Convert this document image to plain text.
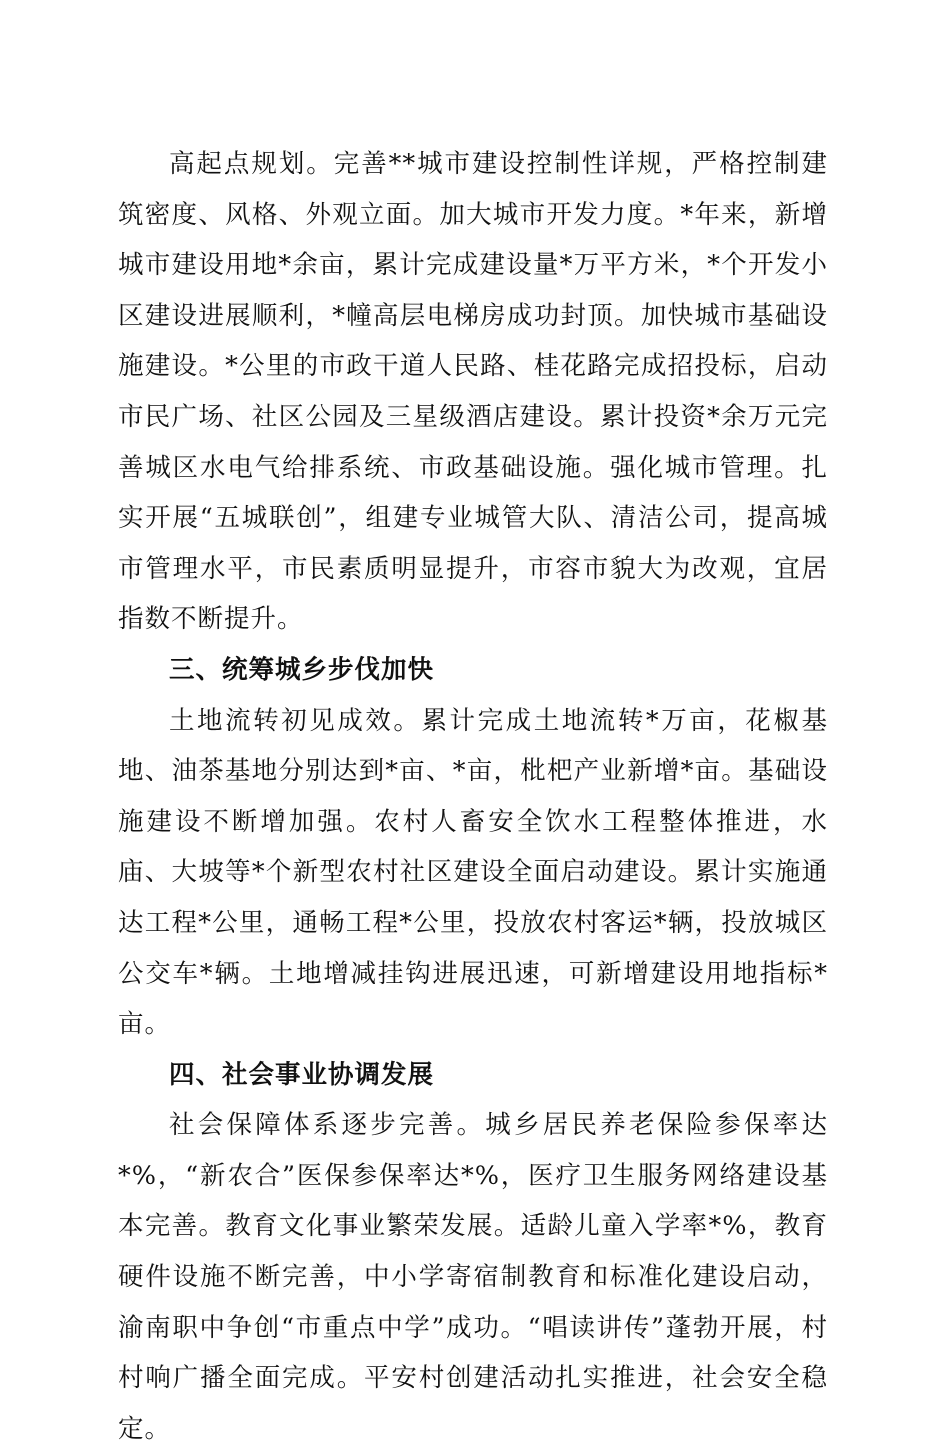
高起点规划。完善**城市建设控制性详规，严格控制建筑密度、风格、外观立面。加大城市开发力度。*年来，新增城市建设用地*余亩，累计完成建设量*万平方米，*个开发小区建设进展顺利，*幢高层电梯房成功封顶。加快城市基础设施建设。*公里的市政干道人民路、桂花路完成招投标，启动市民广场、社区公园及三星级酒店建设。累计投资*余万元完善城区水电气给排系统、市政基础设施。强化城市管理。扎实开展“五城联创”，组建专业城管大队、清洁公司，提高城市管理水平，市民素质明显提升，市容市貌大为改观，宜居指数不断提升。

三、统筹城乡步伐加快

土地流转初见成效。累计完成土地流转*万亩，花椒基地、油茶基地分别达到*亩、*亩，枇杷产业新增*亩。基础设施建设不断增加强。农村人畜安全饮水工程整体推进，水庙、大坡等*个新型农村社区建设全面启动建设。累计实施通达工程*公里，通畅工程*公里，投放农村客运*辆，投放城区公交车*辆。土地增减挂钩进展迅速，可新增建设用地指标*亩。

四、社会事业协调发展

社会保障体系逐步完善。城乡居民养老保险参保率达*%，“新农合”医保参保率达*%，医疗卫生服务网络建设基本完善。教育文化事业繁荣发展。适龄儿童入学率*%，教育硬件设施不断完善，中小学寄宿制教育和标准化建设启动，渝南职中争创“市重点中学”成功。“唱读讲传”蓬勃开展，村村响广播全面完成。平安村创建活动扎实推进，社会安全稳定。
